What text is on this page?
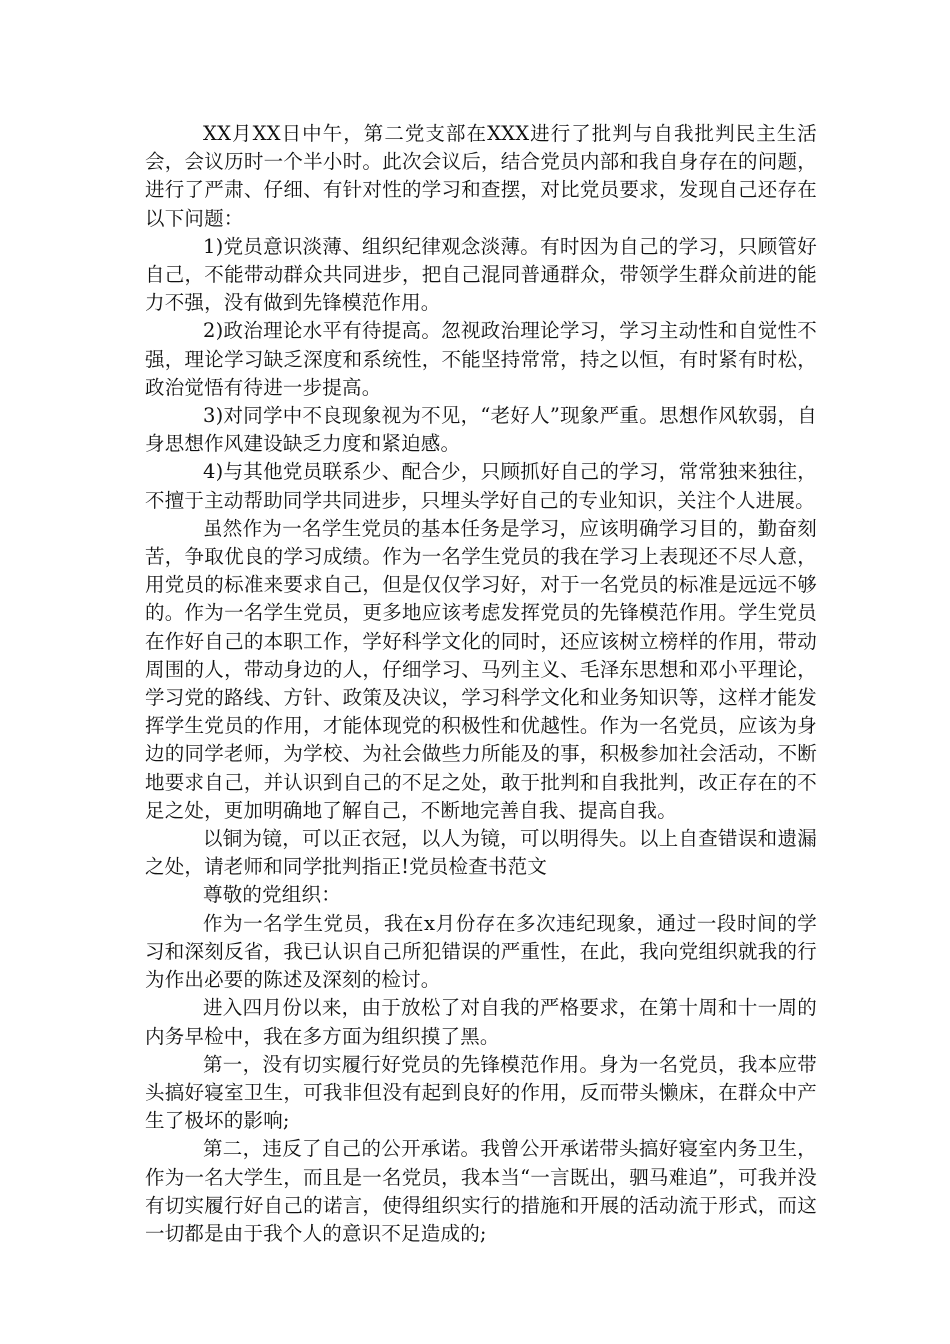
XX月XX日中午，第二党支部在XXX进行了批判与自我批判民主生活会，会议历时一个半小时。此次会议后，结合党员内部和我自身存在的问题，进行了严肃、仔细、有针对性的学习和查摆，对比党员要求，发现自己还存在以下问题：

1)党员意识淡薄、组织纪律观念淡薄。有时因为自己的学习，只顾管好自己，不能带动群众共同进步，把自己混同普通群众，带领学生群众前进的能力不强，没有做到先锋模范作用。

2)政治理论水平有待提高。忽视政治理论学习，学习主动性和自觉性不强，理论学习缺乏深度和系统性，不能坚持常常，持之以恒，有时紧有时松，政治觉悟有待进一步提高。

3)对同学中不良现象视为不见，“老好人”现象严重。思想作风软弱，自身思想作风建设缺乏力度和紧迫感。

4)与其他党员联系少、配合少，只顾抓好自己的学习，常常独来独往，不擅于主动帮助同学共同进步，只埋头学好自己的专业知识，关注个人进展。

虽然作为一名学生党员的基本任务是学习，应该明确学习目的，勤奋刻苦，争取优良的学习成绩。作为一名学生党员的我在学习上表现还不尽人意，用党员的标准来要求自己，但是仅仅学习好，对于一名党员的标准是远远不够的。作为一名学生党员，更多地应该考虑发挥党员的先锋模范作用。学生党员在作好自己的本职工作，学好科学文化的同时，还应该树立榜样的作用，带动周围的人，带动身边的人，仔细学习、马列主义、毛泽东思想和邓小平理论，学习党的路线、方针、政策及决议，学习科学文化和业务知识等，这样才能发挥学生党员的作用，才能体现党的积极性和优越性。作为一名党员，应该为身边的同学老师，为学校、为社会做些力所能及的事，积极参加社会活动，不断地要求自己，并认识到自己的不足之处，敢于批判和自我批判，改正存在的不足之处，更加明确地了解自己，不断地完善自我、提高自我。

以铜为镜，可以正衣冠，以人为镜，可以明得失。以上自查错误和遗漏之处，请老师和同学批判指正!党员检查书范文

尊敬的党组织：

作为一名学生党员，我在x月份存在多次违纪现象，通过一段时间的学习和深刻反省，我已认识自己所犯错误的严重性，在此，我向党组织就我的行为作出必要的陈述及深刻的检讨。

进入四月份以来，由于放松了对自我的严格要求，在第十周和十一周的内务早检中，我在多方面为组织摸了黑。

第一，没有切实履行好党员的先锋模范作用。身为一名党员，我本应带头搞好寝室卫生，可我非但没有起到良好的作用，反而带头懒床，在群众中产生了极坏的影响;

第二，违反了自己的公开承诺。我曾公开承诺带头搞好寝室内务卫生，作为一名大学生，而且是一名党员，我本当“一言既出，驷马难追”，可我并没有切实履行好自己的诺言，使得组织实行的措施和开展的活动流于形式，而这一切都是由于我个人的意识不足造成的;
